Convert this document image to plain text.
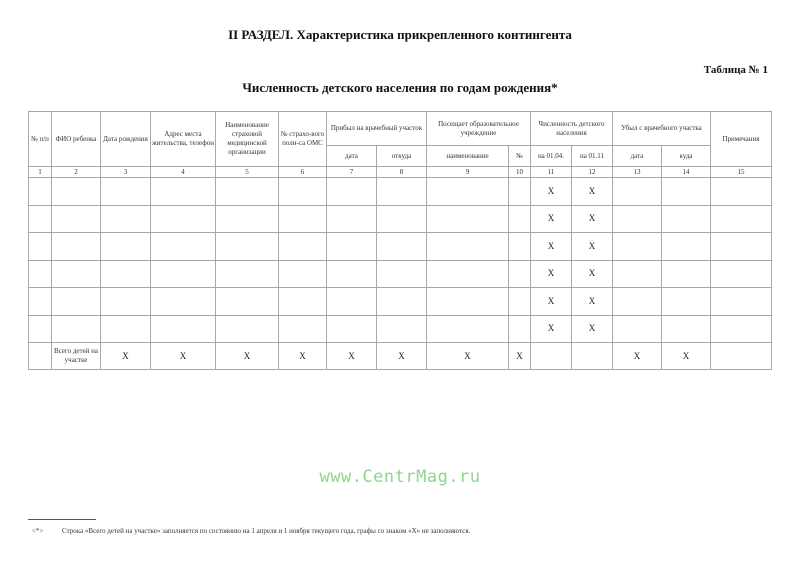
II РАЗДЕЛ. Характеристика прикрепленного контингента
Таблица № 1
Численность детского населения по годам рождения*
№ п/п	ФИО ребенка	Дата рождения	Адрес места жительства, телефон	Наименование страховой медицинской организации	№ страхо-вого поли-са ОМС	Прибыл на врачебный участок		Посещает образовательное учреждение		Численность детского населения		Убыл с врачебного участка		Примечания
						дата	откуда	наименование	№	на 01.04.	на 01.11	дата	куда	
1	2	3	4	5	6	7	8	9	10	11	12	13	14	15
										X	X			
										X	X			
										X	X			
										X	X			
										X	X			
										X	X			
	Всего детей на участке	X	X	X	X	X	X	X	X			X	X	
www.CentrMag.ru
<*>	Строка «Всего детей на участке» заполняется по состоянию на 1 апреля и 1 ноября текущего года, графы со знаком «X» не заполняются.
